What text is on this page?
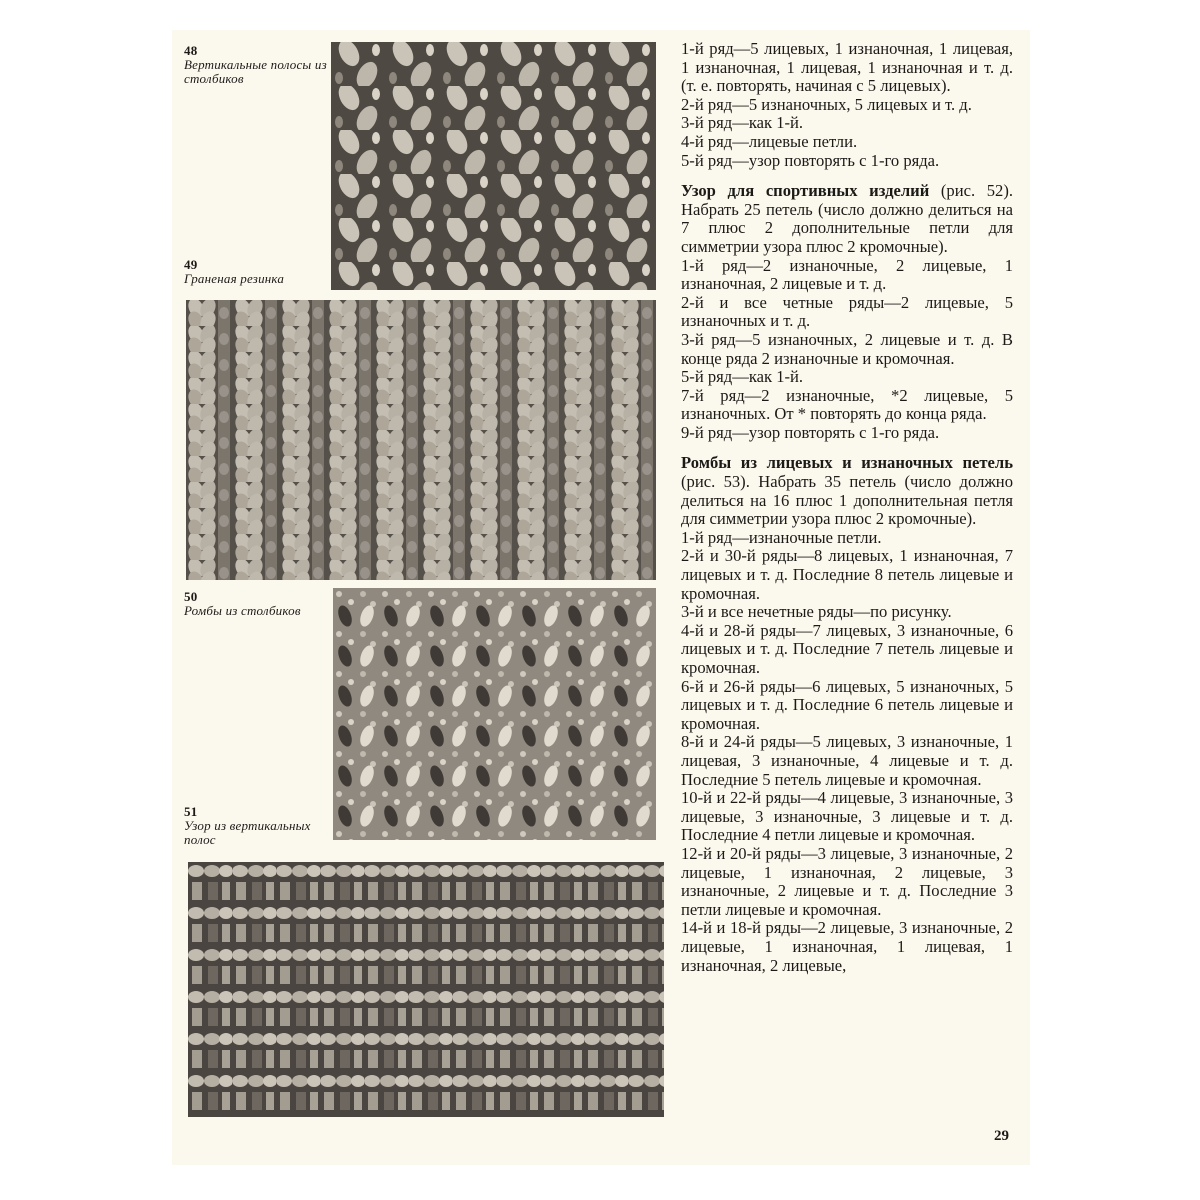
48
Вертикальные полосы из столбиков
49
Граненая резинка
50
Ромбы из столбиков
51
Узор из вертикальных полос

1-й ряд—5 лицевых, 1 изнаночная, 1 лицевая, 1 изнаночная, 1 лицевая, 1 изнаночная и т. д. (т. е. повторять, начиная с 5 лицевых).

2-й ряд—5 изнаночных, 5 лицевых и т. д.

3-й ряд—как 1-й.

4-й ряд—лицевые петли.

5-й ряд—узор повторять с 1-го ряда.

Узор для спортивных изделий (рис. 52). Набрать 25 петель (число должно делиться на 7 плюс 2 дополнительные петли для симметрии узора плюс 2 кромочные).

1-й ряд—2 изнаночные, 2 лицевые, 1 изнаночная, 2 лицевые и т. д.

2-й и все четные ряды—2 лицевые, 5 изнаночных и т. д.

3-й ряд—5 изнаночных, 2 лицевые и т. д. В конце ряда 2 изнаночные и кромочная.

5-й ряд—как 1-й.

7-й ряд—2 изнаночные, *2 лицевые, 5 изнаночных. От * повторять до конца ряда.

9-й ряд—узор повторять с 1-го ряда.

Ромбы из лицевых и изнаночных петель (рис. 53). Набрать 35 петель (число должно делиться на 16 плюс 1 дополнительная петля для симметрии узора плюс 2 кромочные).

1-й ряд—изнаночные петли.

2-й и 30-й ряды—8 лицевых, 1 изнаночная, 7 лицевых и т. д. Последние 8 петель лицевые и кромочная.

3-й и все нечетные ряды—по рисунку.

4-й и 28-й ряды—7 лицевых, 3 изнаночные, 6 лицевых и т. д. Последние 7 петель лицевые и кромочная.

6-й и 26-й ряды—6 лицевых, 5 изнаночных, 5 лицевых и т. д. Последние 6 петель лицевые и кромочная.

8-й и 24-й ряды—5 лицевых, 3 изнаночные, 1 лицевая, 3 изнаночные, 4 лицевые и т. д. Последние 5 петель лицевые и кромочная.

10-й и 22-й ряды—4 лицевые, 3 изнаночные, 3 лицевые, 3 изнаночные, 3 лицевые и т. д. Последние 4 петли лицевые и кромочная.

12-й и 20-й ряды—3 лицевые, 3 изнаночные, 2 лицевые, 1 изнаночная, 2 лицевые, 3 изнаночные, 2 лицевые и т. д. Последние 3 петли лицевые и кромочная.

14-й и 18-й ряды—2 лицевые, 3 изнаночные, 2 лицевые, 1 изнаночная, 1 лицевая, 1 изнаночная, 2 лицевые,

29
